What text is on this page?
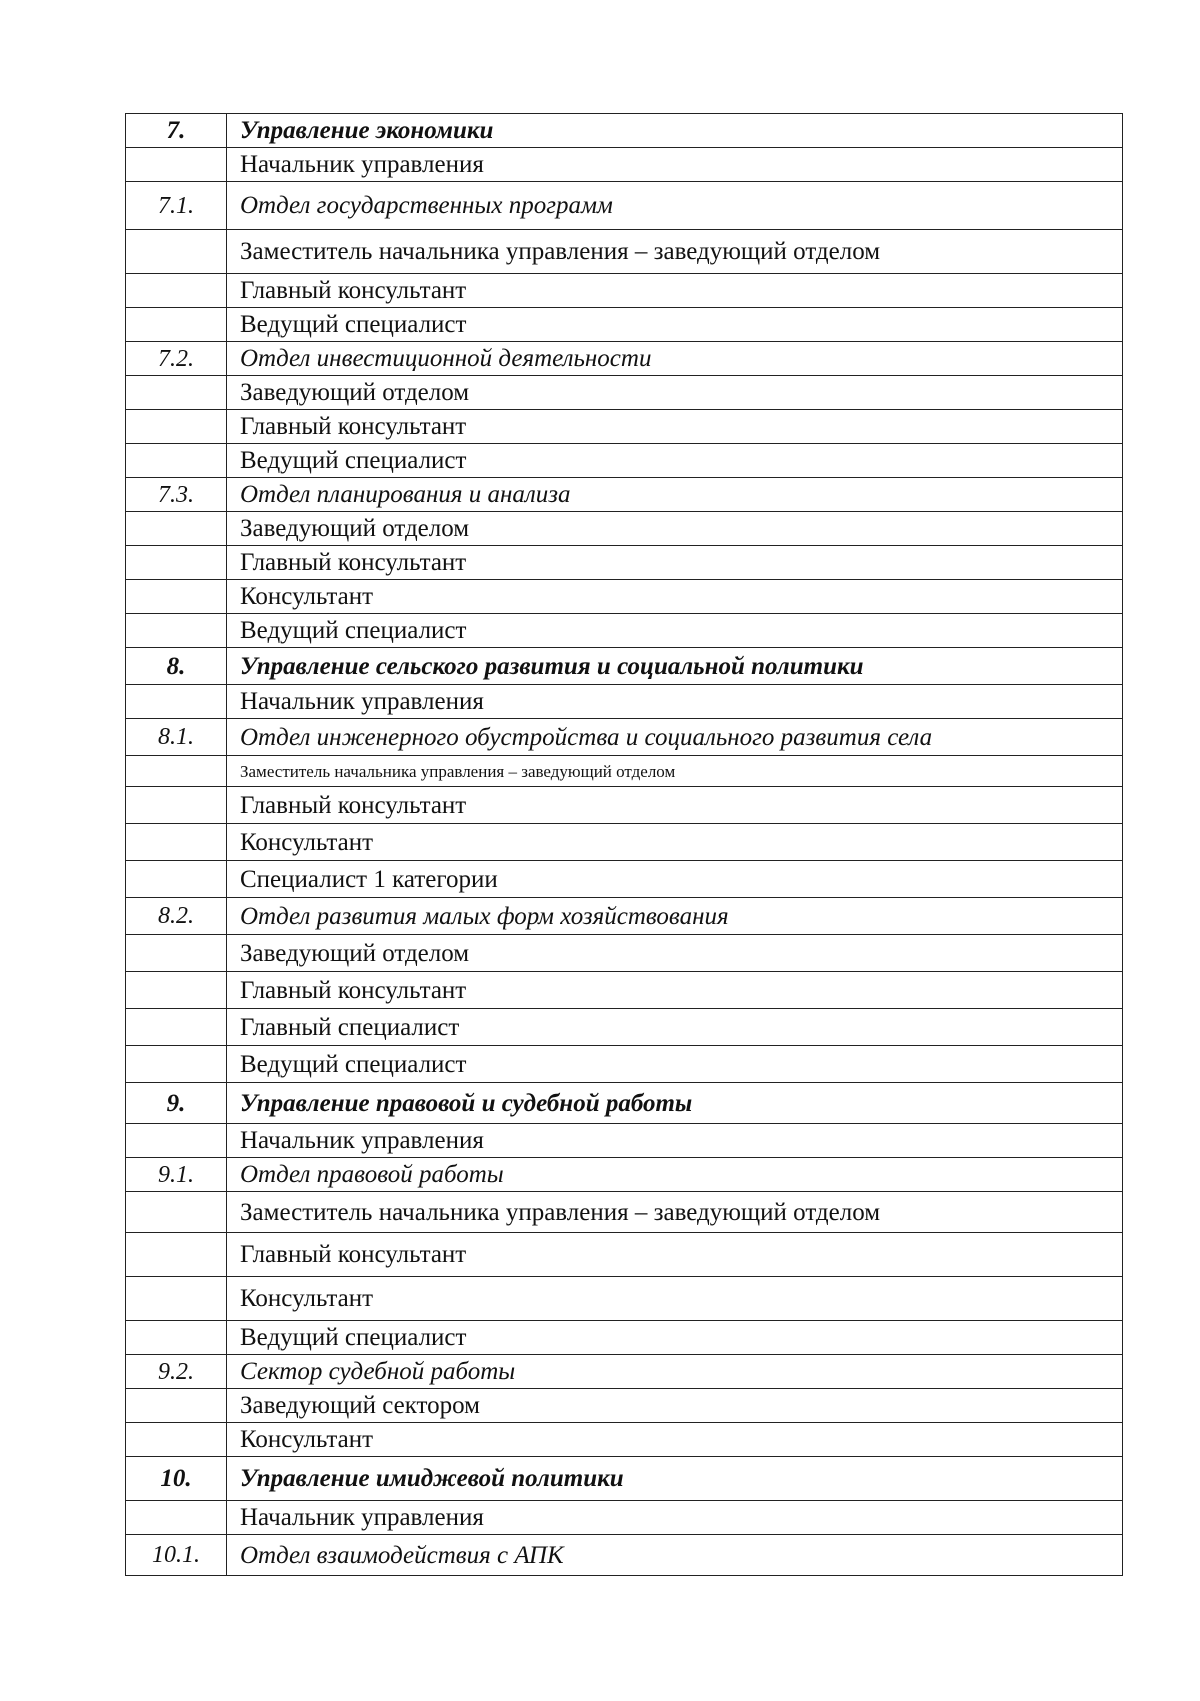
7.	Управление экономики
	Начальник управления
7.1.	Отдел государственных программ
	Заместитель начальника управления – заведующий отделом
	Главный консультант
	Ведущий специалист
7.2.	Отдел инвестиционной деятельности
	Заведующий отделом
	Главный консультант
	Ведущий специалист
7.3.	Отдел планирования и анализа
	Заведующий отделом
	Главный консультант
	Консультант
	Ведущий специалист
8.	Управление сельского развития и социальной политики
	Начальник управления
8.1.	Отдел инженерного обустройства и социального развития села
	Заместитель начальника управления – заведующий отделом
	Главный консультант
	Консультант
	Специалист 1 категории
8.2.	Отдел развития малых форм хозяйствования
	Заведующий отделом
	Главный консультант
	Главный специалист
	Ведущий специалист
9.	Управление правовой и судебной работы
	Начальник управления
9.1.	Отдел правовой работы
	Заместитель начальника управления – заведующий отделом
	Главный консультант
	Консультант
	Ведущий специалист
9.2.	Сектор судебной работы
	Заведующий сектором
	Консультант
10.	Управление имиджевой политики
	Начальник управления
10.1.	Отдел взаимодействия с АПК
